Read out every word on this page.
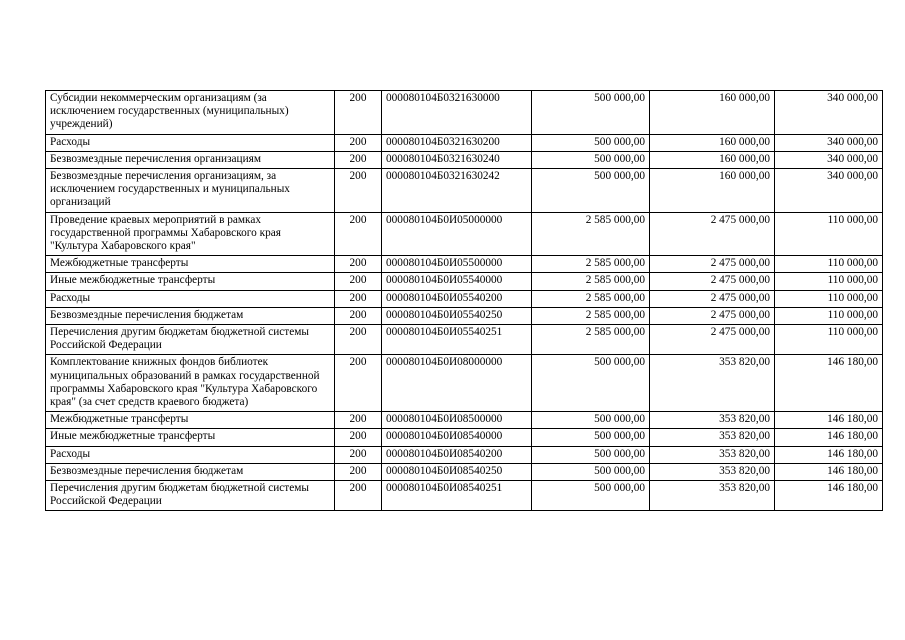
Субсидии некоммерческим организациям (за исключением государственных (муниципальных) учреждений)	200	000080104Б0321630000	500 000,00	160 000,00	340 000,00
Расходы	200	000080104Б0321630200	500 000,00	160 000,00	340 000,00
Безвозмездные перечисления организациям	200	000080104Б0321630240	500 000,00	160 000,00	340 000,00
Безвозмездные перечисления организациям, за исключением государственных и муниципальных организаций	200	000080104Б0321630242	500 000,00	160 000,00	340 000,00
Проведение краевых мероприятий в рамках государственной программы Хабаровского края "Культура Хабаровского края"	200	000080104Б0И05000000	2 585 000,00	2 475 000,00	110 000,00
Межбюджетные трансферты	200	000080104Б0И05500000	2 585 000,00	2 475 000,00	110 000,00
Иные межбюджетные трансферты	200	000080104Б0И05540000	2 585 000,00	2 475 000,00	110 000,00
Расходы	200	000080104Б0И05540200	2 585 000,00	2 475 000,00	110 000,00
Безвозмездные перечисления бюджетам	200	000080104Б0И05540250	2 585 000,00	2 475 000,00	110 000,00
Перечисления другим бюджетам бюджетной системы Российской Федерации	200	000080104Б0И05540251	2 585 000,00	2 475 000,00	110 000,00
Комплектование книжных фондов библиотек муниципальных образований в рамках государственной программы Хабаровского края "Культура Хабаровского края" (за счет средств краевого бюджета)	200	000080104Б0И08000000	500 000,00	353 820,00	146 180,00
Межбюджетные трансферты	200	000080104Б0И08500000	500 000,00	353 820,00	146 180,00
Иные межбюджетные трансферты	200	000080104Б0И08540000	500 000,00	353 820,00	146 180,00
Расходы	200	000080104Б0И08540200	500 000,00	353 820,00	146 180,00
Безвозмездные перечисления бюджетам	200	000080104Б0И08540250	500 000,00	353 820,00	146 180,00
Перечисления другим бюджетам бюджетной системы Российской Федерации	200	000080104Б0И08540251	500 000,00	353 820,00	146 180,00
